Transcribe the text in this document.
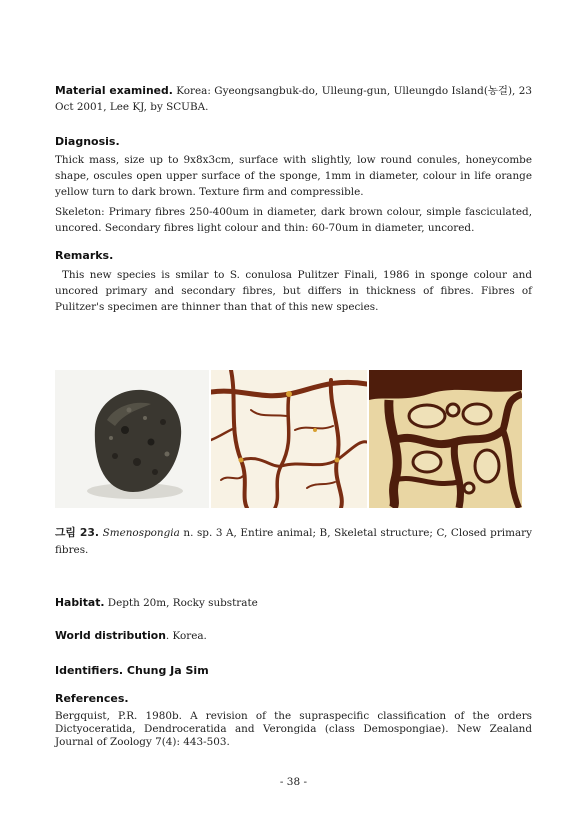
Material examined. Korea: Gyeongsangbuk-do, Ulleung-gun, Ulleungdo Island(농걸), 23 Oct 2001, Lee KJ, by SCUBA.
Diagnosis.
Thick mass, size up to 9x8x3cm, surface with slightly, low round conules, honeycombe shape, oscules open upper surface of the sponge, 1mm in diameter, colour in life orange yellow turn to dark brown. Texture firm and compressible.
Skeleton: Primary fibres 250-400um in diameter, dark brown colour, simple fasciculated, uncored. Secondary fibres light colour and thin: 60-70um in diameter, uncored.
Remarks.
This new species is smilar to S. conulosa Pulitzer Finali, 1986 in sponge colour and uncored primary and secondary fibres, but differs in thickness of fibres. Fibres of Pulitzer's specimen are thinner than that of this new species.
그림 23. Smenospongia n. sp. 3 A, Entire animal; B, Skeletal structure; C, Closed primary fibres.
Habitat. Depth 20m, Rocky substrate
World distribution. Korea.
Identifiers. Chung Ja Sim
References.
Bergquist, P.R. 1980b. A revision of the supraspecific classification of the orders Dictyoceratida, Dendroceratida and Verongida (class Demospongiae). New Zealand Journal of Zoology 7(4): 443-503.
- 38 -
